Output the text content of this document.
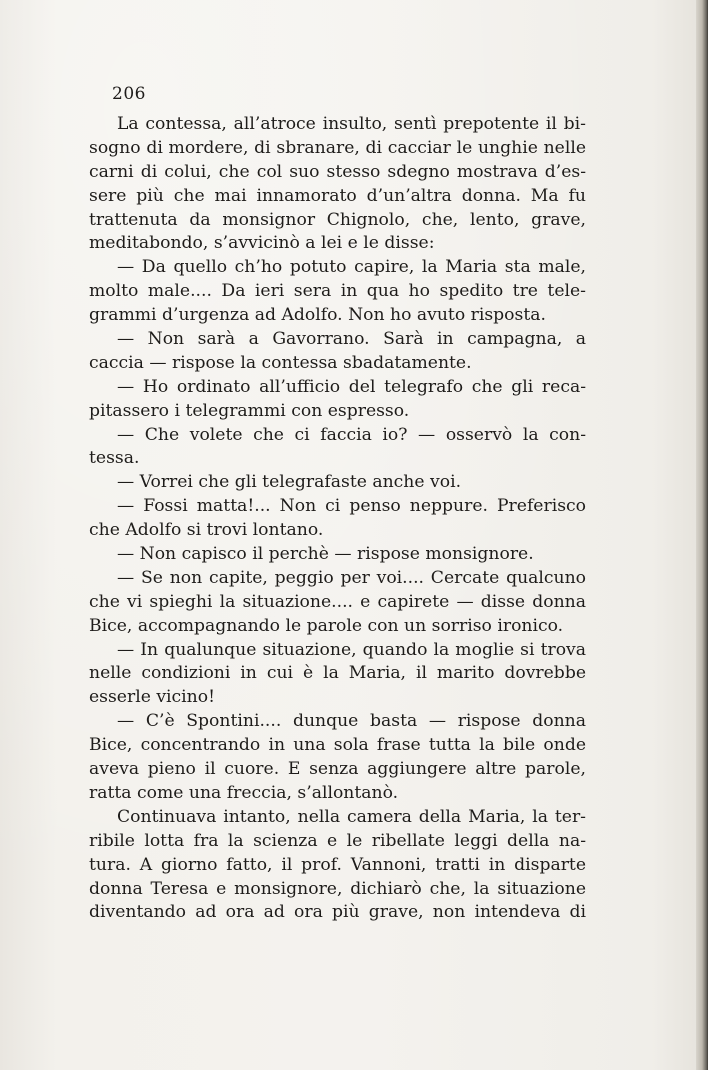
206
La contessa, all’atroce insulto, sentì prepotente il bi-
sogno di mordere, di sbranare, di cacciar le unghie nelle
carni di colui, che col suo stesso sdegno mostrava d’es-
sere più che mai innamorato d’un’altra donna. Ma fu
trattenuta da monsignor Chignolo, che, lento, grave,
meditabondo, s’avvicinò a lei e le disse:
— Da quello ch’ho potuto capire, la Maria sta male,
molto male.... Da ieri sera in qua ho spedito tre tele-
grammi d’urgenza ad Adolfo. Non ho avuto risposta.
— Non sarà a Gavorrano. Sarà in campagna, a
caccia — rispose la contessa sbadatamente.
— Ho ordinato all’ufficio del telegrafo che gli reca-
pitassero i telegrammi con espresso.
— Che volete che ci faccia io? — osservò la con-
tessa.
— Vorrei che gli telegrafaste anche voi.
— Fossi matta!... Non ci penso neppure. Preferisco
che Adolfo si trovi lontano.
— Non capisco il perchè — rispose monsignore.
— Se non capite, peggio per voi.... Cercate qualcuno
che vi spieghi la situazione.... e capirete — disse donna
Bice, accompagnando le parole con un sorriso ironico.
— In qualunque situazione, quando la moglie si trova
nelle condizioni in cui è la Maria, il marito dovrebbe
esserle vicino!
— C’è Spontini.... dunque basta — rispose donna
Bice, concentrando in una sola frase tutta la bile onde
aveva pieno il cuore. E senza aggiungere altre parole,
ratta come una freccia, s’allontanò.
Continuava intanto, nella camera della Maria, la ter-
ribile lotta fra la scienza e le ribellate leggi della na-
tura. A giorno fatto, il prof. Vannoni, tratti in disparte
donna Teresa e monsignore, dichiarò che, la situazione
diventando ad ora ad ora più grave, non intendeva di
